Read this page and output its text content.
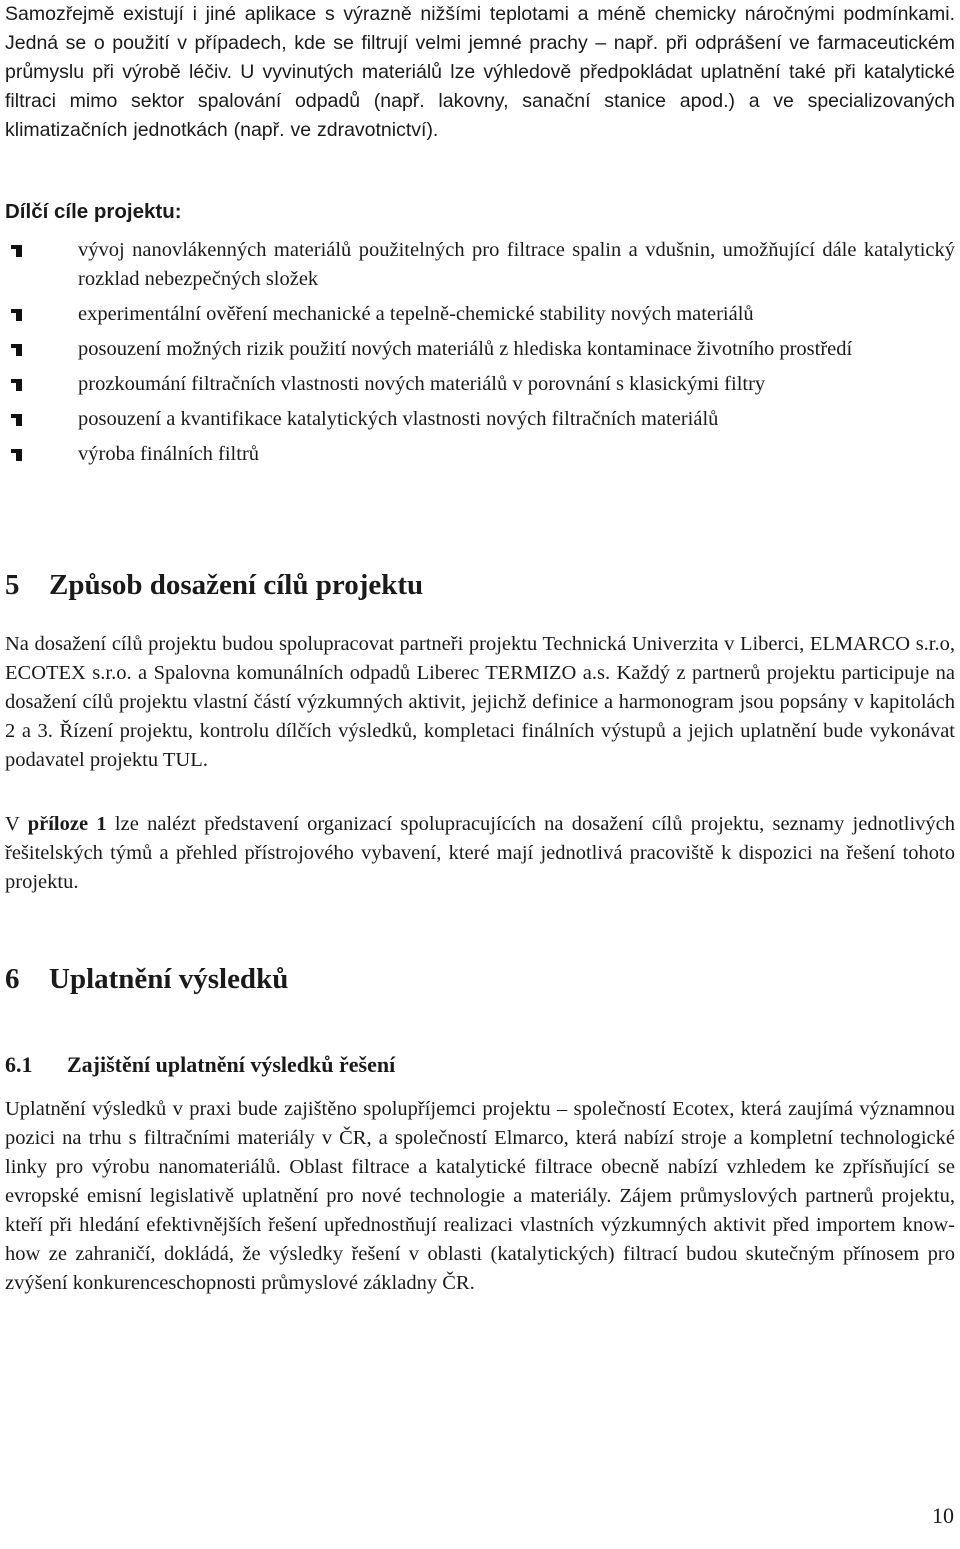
Samozřejmě existují i jiné aplikace s výrazně nižšími teplotami a méně chemicky náročnými podmínkami. Jedná se o použití v případech, kde se filtrují velmi jemné prachy – např. při odprášení ve farmaceutickém průmyslu při výrobě léčiv. U vyvinutých materiálů lze výhledově předpokládat uplatnění také při katalytické filtraci mimo sektor spalování odpadů (např. lakovny, sanační stanice apod.) a ve specializovaných klimatizačních jednotkách (např. ve zdravotnictví).

Dílčí cíle projektu:
vývoj nanovlákenných materiálů použitelných pro filtrace spalin a vdušnin, umožňující dále katalytický rozklad nebezpečných složek
experimentální ověření mechanické a tepelně-chemické stability nových materiálů
posouzení možných rizik použití nových materiálů z hlediska kontaminace životního prostředí
prozkoumání filtračních vlastnosti nových materiálů v porovnání s klasickými filtry
posouzení a kvantifikace katalytických vlastnosti nových filtračních materiálů
výroba finálních filtrů
5 Způsob dosažení cílů projektu

Na dosažení cílů projektu budou spolupracovat partneři projektu Technická Univerzita v Liberci, ELMARCO s.r.o, ECOTEX s.r.o. a Spalovna komunálních odpadů Liberec TERMIZO a.s. Každý z partnerů projektu participuje na dosažení cílů projektu vlastní částí výzkumných aktivit, jejichž definice a harmonogram jsou popsány v kapitolách 2 a 3. Řízení projektu, kontrolu dílčích výsledků, kompletaci finálních výstupů a jejich uplatnění bude vykonávat podavatel projektu TUL.

V příloze 1 lze nalézt představení organizací spolupracujících na dosažení cílů projektu, seznamy jednotlivých řešitelských týmů a přehled přístrojového vybavení, které mají jednotlivá pracoviště k dispozici na řešení tohoto projektu.

6 Uplatnění výsledků
6.1 Zajištění uplatnění výsledků řešení

Uplatnění výsledků v praxi bude zajištěno spolupříjemci projektu – společností Ecotex, která zaujímá významnou pozici na trhu s filtračními materiály v ČR, a společností Elmarco, která nabízí stroje a kompletní technologické linky pro výrobu nanomateriálů. Oblast filtrace a katalytické filtrace obecně nabízí vzhledem ke zpřísňující se evropské emisní legislativě uplatnění pro nové technologie a materiály. Zájem průmyslových partnerů projektu, kteří při hledání efektivnějších řešení upřednostňují realizaci vlastních výzkumných aktivit před importem know-how ze zahraničí, dokládá, že výsledky řešení v oblasti (katalytických) filtrací budou skutečným přínosem pro zvýšení konkurenceschopnosti průmyslové základny ČR.

10
